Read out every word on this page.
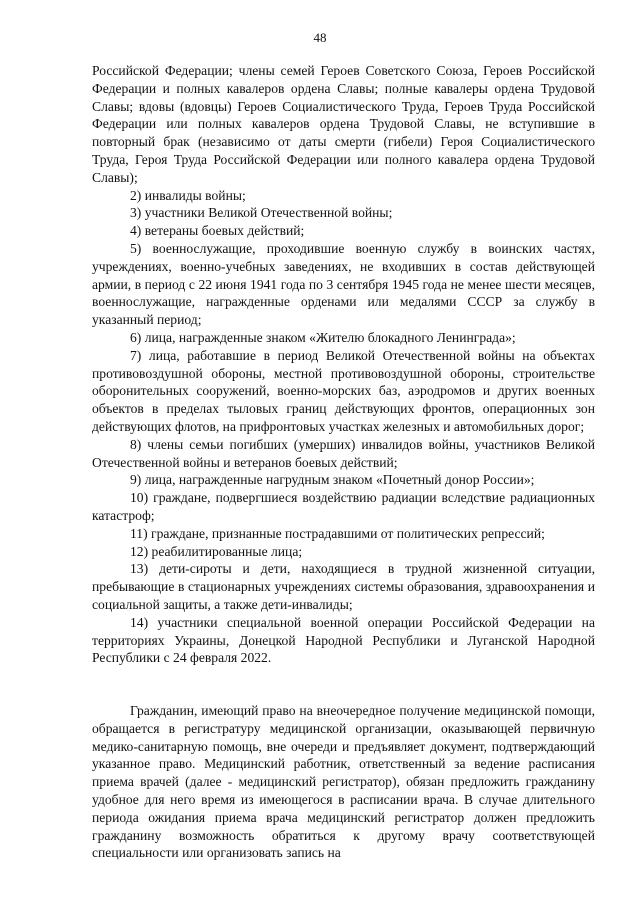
48

Российской Федерации; члены семей Героев Советского Союза, Героев Российской Федерации и полных кавалеров ордена Славы; полные кавалеры ордена Трудовой Славы; вдовы (вдовцы) Героев Социалистического Труда, Героев Труда Российской Федерации или полных кавалеров ордена Трудовой Славы, не вступившие в повторный брак (независимо от даты смерти (гибели) Героя Социалистического Труда, Героя Труда Российской Федерации или полного кавалера ордена Трудовой Славы);

2) инвалиды войны;

3) участники Великой Отечественной войны;

4) ветераны боевых действий;

5) военнослужащие, проходившие военную службу в воинских частях, учреждениях, военно-учебных заведениях, не входивших в состав действующей армии, в период с 22 июня 1941 года по 3 сентября 1945 года не менее шести месяцев, военнослужащие, награжденные орденами или медалями СССР за службу в указанный период;

6) лица, награжденные знаком «Жителю блокадного Ленинграда»;

7) лица, работавшие в период Великой Отечественной войны на объектах противовоздушной обороны, местной противовоздушной обороны, строительстве оборонительных сооружений, военно-морских баз, аэродромов и других военных объектов в пределах тыловых границ действующих фронтов, операционных зон действующих флотов, на прифронтовых участках железных и автомобильных дорог;

8) члены семьи погибших (умерших) инвалидов войны, участников Великой Отечественной войны и ветеранов боевых действий;

9) лица, награжденные нагрудным знаком «Почетный донор России»;

10) граждане, подвергшиеся воздействию радиации вследствие радиационных катастроф;

11) граждане, признанные пострадавшими от политических репрессий;

12) реабилитированные лица;

13) дети-сироты и дети, находящиеся в трудной жизненной ситуации, пребывающие в стационарных учреждениях системы образования, здравоохранения и социальной защиты, а также дети-инвалиды;

14) участники специальной военной операции Российской Федерации на территориях Украины, Донецкой Народной Республики и Луганской Народной Республики с 24 февраля 2022.

Гражданин, имеющий право на внеочередное получение медицинской помощи, обращается в регистратуру медицинской организации, оказывающей первичную медико-санитарную помощь, вне очереди и предъявляет документ, подтверждающий указанное право. Медицинский работник, ответственный за ведение расписания приема врачей (далее - медицинский регистратор), обязан предложить гражданину удобное для него время из имеющегося в расписании врача. В случае длительного периода ожидания приема врача медицинский регистратор должен предложить гражданину возможность обратиться к другому врачу соответствующей специальности или организовать запись на
